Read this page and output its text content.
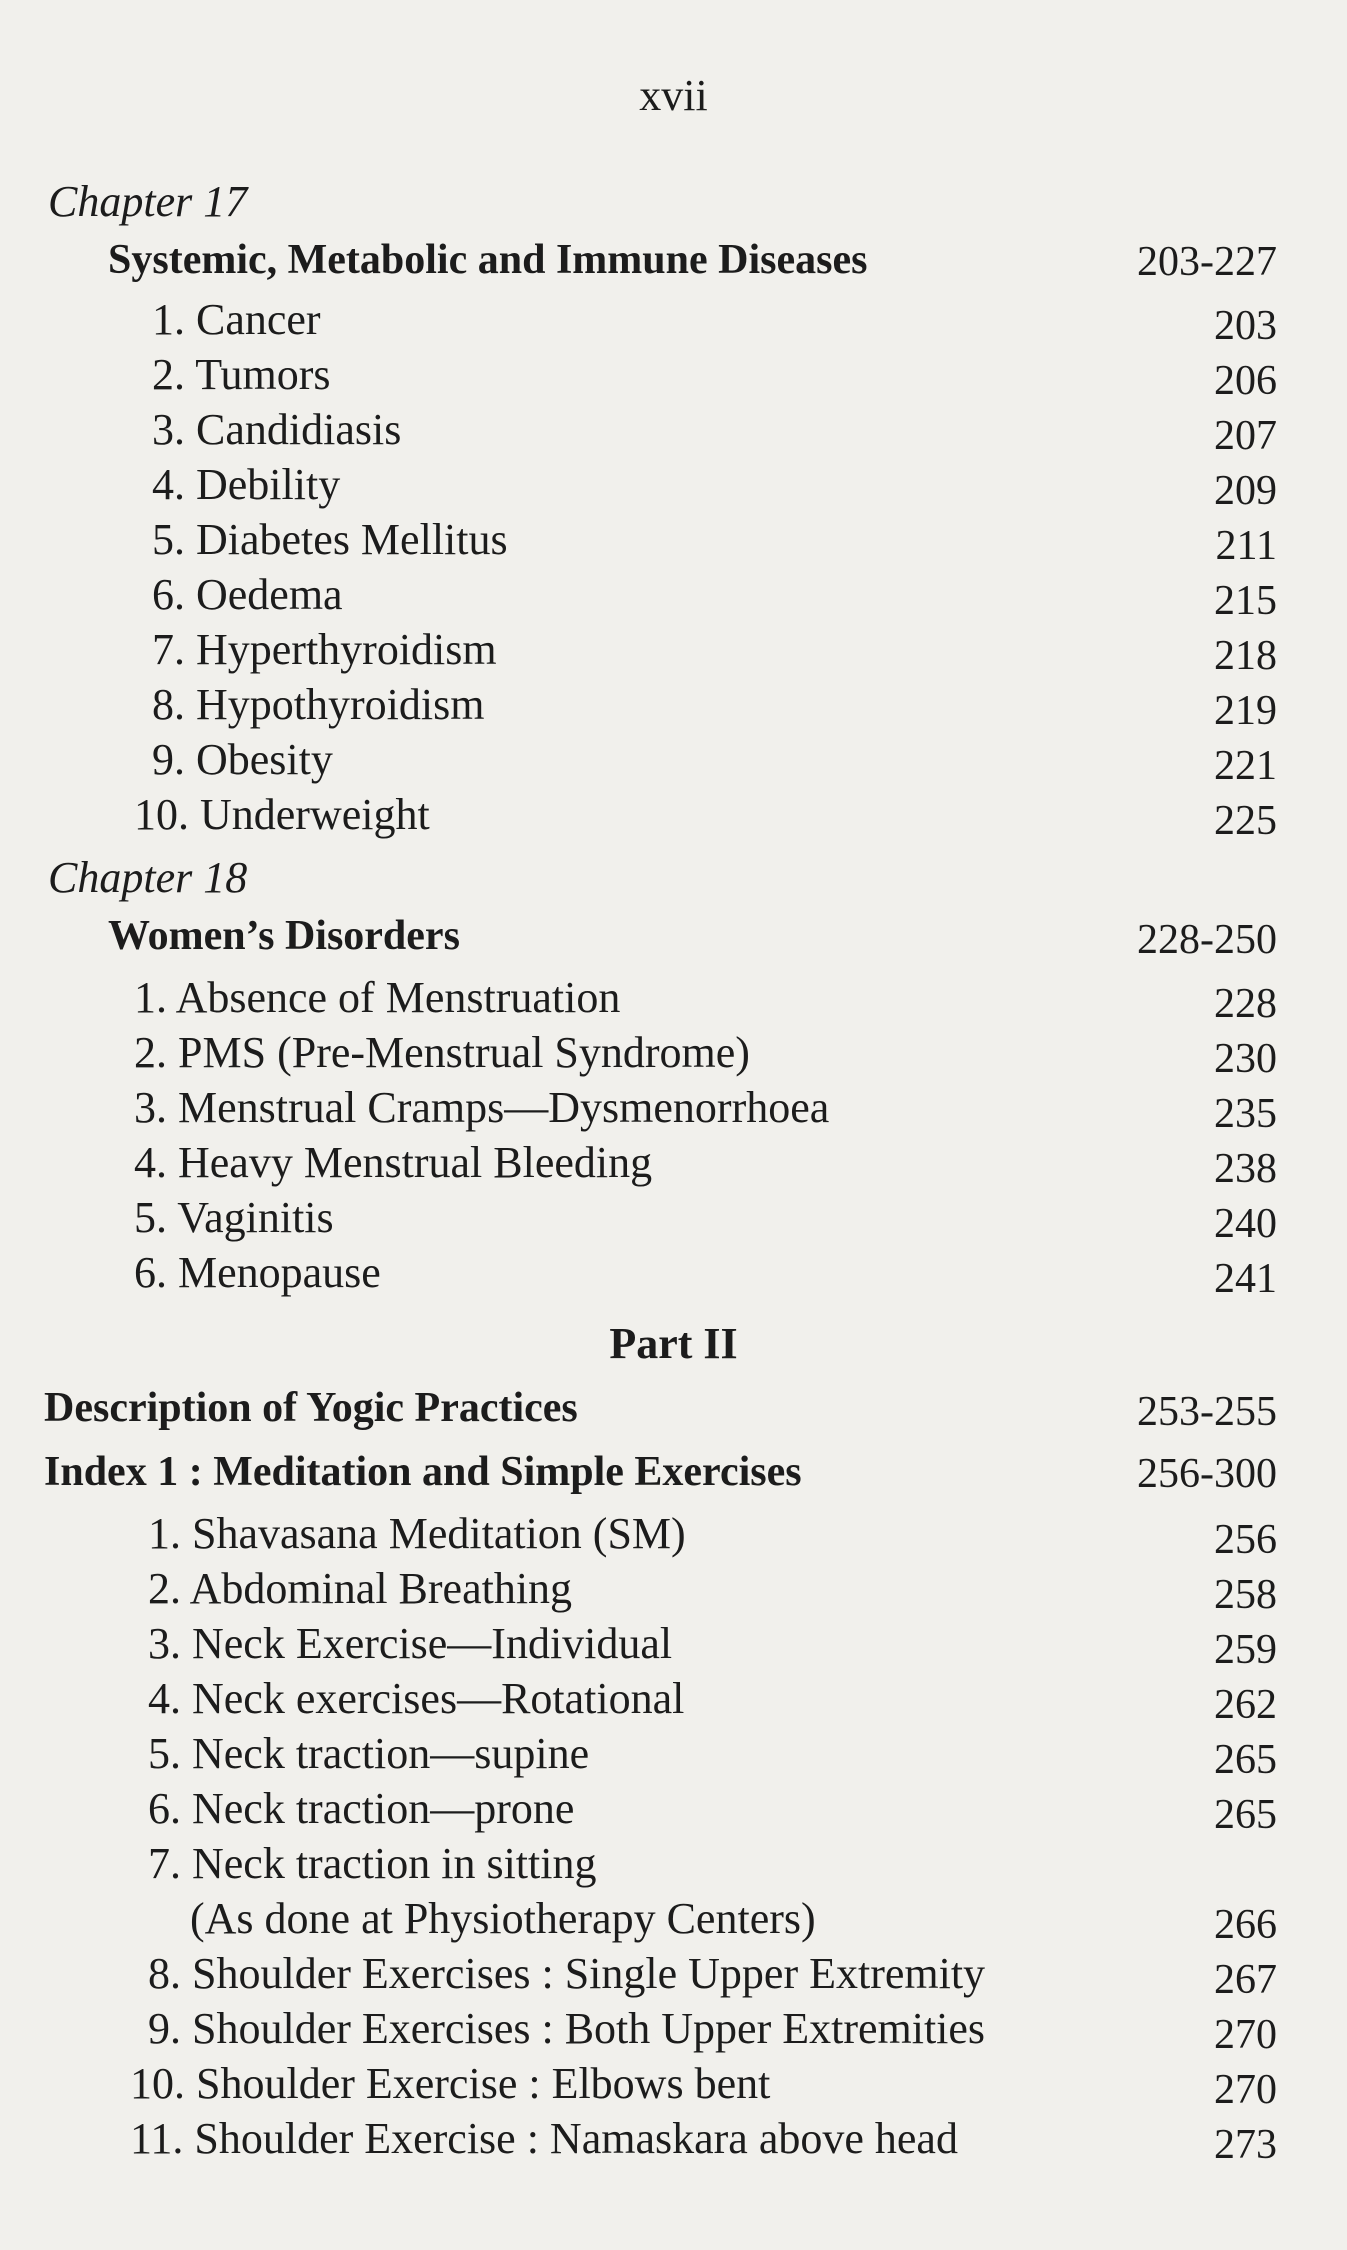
xvii
Chapter 17
Systemic, Metabolic and Immune Diseases	203-227
1. Cancer	203
2. Tumors	206
3. Candidiasis	207
4. Debility	209
5. Diabetes Mellitus	211
6. Oedema	215
7. Hyperthyroidism	218
8. Hypothyroidism	219
9. Obesity	221
10. Underweight	225
Chapter 18
Women’s Disorders	228-250
1. Absence of Menstruation	228
2. PMS (Pre-Menstrual Syndrome)	230
3. Menstrual Cramps—Dysmenorrhoea	235
4. Heavy Menstrual Bleeding	238
5. Vaginitis	240
6. Menopause	241
Part II
Description of Yogic Practices	253-255
Index 1 : Meditation and Simple Exercises	256-300
1. Shavasana Meditation (SM)	256
2. Abdominal Breathing	258
3. Neck Exercise—Individual	259
4. Neck exercises—Rotational	262
5. Neck traction—supine	265
6. Neck traction—prone	265
7. Neck traction in sitting
(As done at Physiotherapy Centers)	266
8. Shoulder Exercises : Single Upper Extremity	267
9. Shoulder Exercises : Both Upper Extremities	270
10. Shoulder Exercise : Elbows bent	270
11. Shoulder Exercise : Namaskara above head	273
